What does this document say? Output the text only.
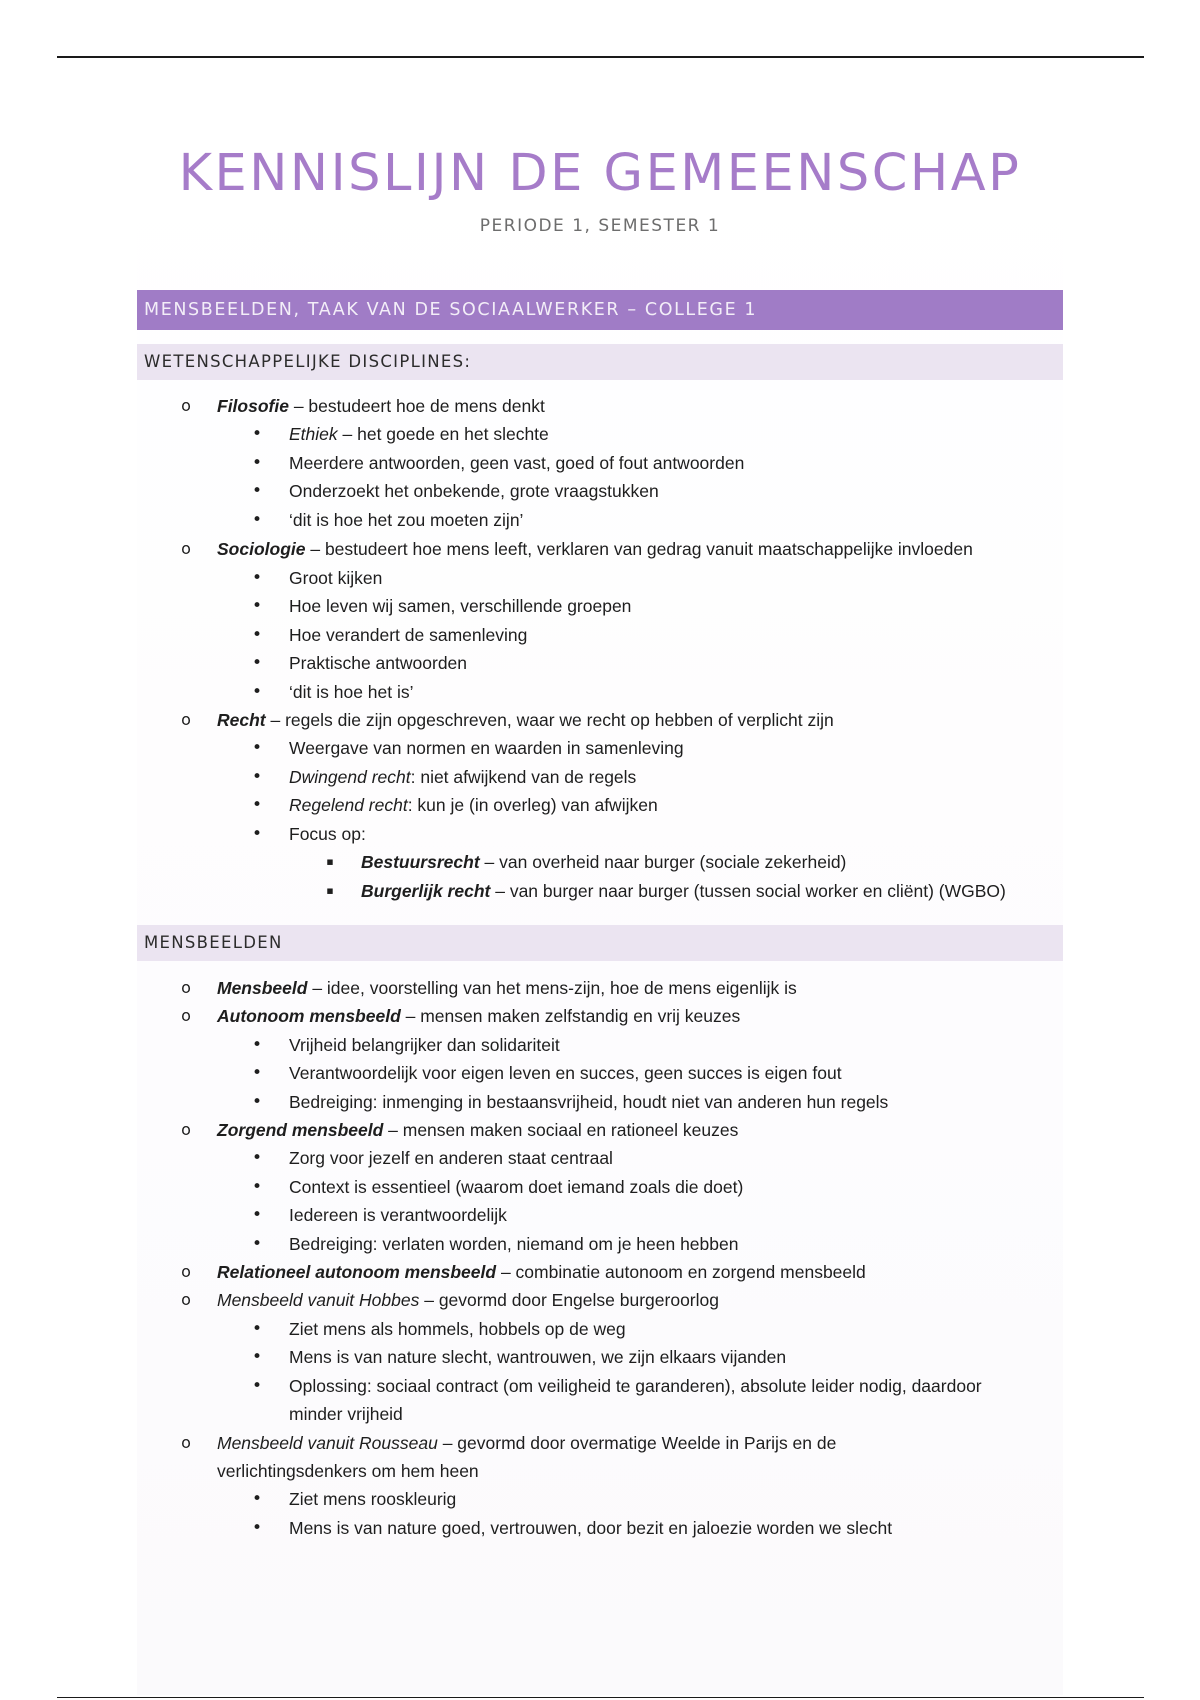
KENNISLIJN DE GEMEENSCHAP
PERIODE 1, SEMESTER 1
MENSBEELDEN, TAAK VAN DE SOCIAALWERKER – COLLEGE 1
WETENSCHAPPELIJKE DISCIPLINES:
o Filosofie – bestudeert hoe de mens denkt
• Ethiek – het goede en het slechte
• Meerdere antwoorden, geen vast, goed of fout antwoorden
• Onderzoekt het onbekende, grote vraagstukken
• ‘dit is hoe het zou moeten zijn’
o Sociologie – bestudeert hoe mens leeft, verklaren van gedrag vanuit maatschappelijke invloeden
• Groot kijken
• Hoe leven wij samen, verschillende groepen
• Hoe verandert de samenleving
• Praktische antwoorden
• ‘dit is hoe het is’
o Recht – regels die zijn opgeschreven, waar we recht op hebben of verplicht zijn
• Weergave van normen en waarden in samenleving
• Dwingend recht: niet afwijkend van de regels
• Regelend recht: kun je (in overleg) van afwijken
• Focus op:
▪	Bestuursrecht – van overheid naar burger (sociale zekerheid)
▪	Burgerlijk recht – van burger naar burger (tussen social worker en cliënt) (WGBO)
MENSBEELDEN
o Mensbeeld – idee, voorstelling van het mens-zijn, hoe de mens eigenlijk is
o Autonoom mensbeeld – mensen maken zelfstandig en vrij keuzes
• Vrijheid belangrijker dan solidariteit
• Verantwoordelijk voor eigen leven en succes, geen succes is eigen fout
• Bedreiging: inmenging in bestaansvrijheid, houdt niet van anderen hun regels
o Zorgend mensbeeld – mensen maken sociaal en rationeel keuzes
• Zorg voor jezelf en anderen staat centraal
• Context is essentieel (waarom doet iemand zoals die doet)
• Iedereen is verantwoordelijk
• Bedreiging: verlaten worden, niemand om je heen hebben
o Relationeel autonoom mensbeeld – combinatie autonoom en zorgend mensbeeld
o Mensbeeld vanuit Hobbes – gevormd door Engelse burgeroorlog
• Ziet mens als hommels, hobbels op de weg
• Mens is van nature slecht, wantrouwen, we zijn elkaars vijanden
• Oplossing: sociaal contract (om veiligheid te garanderen), absolute leider nodig, daardoor minder vrijheid
o Mensbeeld vanuit Rousseau – gevormd door overmatige Weelde in Parijs en de verlichtingsdenkers om hem heen
• Ziet mens rooskleurig
• Mens is van nature goed, vertrouwen, door bezit en jaloezie worden we slecht
